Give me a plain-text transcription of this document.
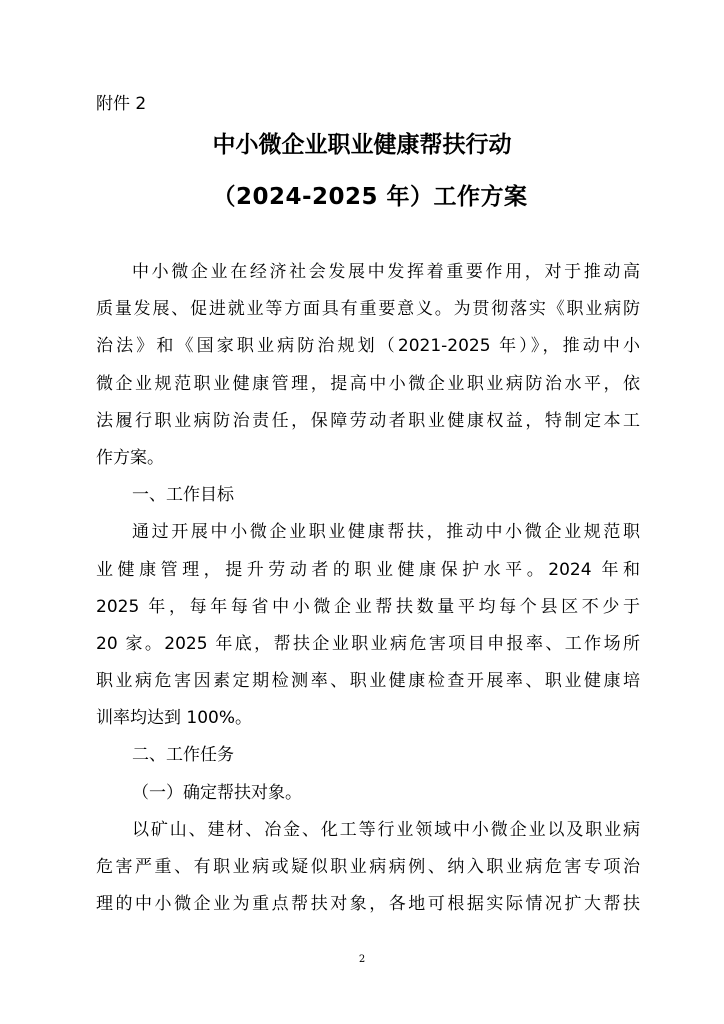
附件 2
中小微企业职业健康帮扶行动
（2024-2025 年）工作方案
中小微企业在经济社会发展中发挥着重要作用，对于推动高
质量发展、促进就业等方面具有重要意义。为贯彻落实《职业病防
治法》和《国家职业病防治规划（2021-2025 年）》，推动中小
微企业规范职业健康管理，提高中小微企业职业病防治水平，依
法履行职业病防治责任，保障劳动者职业健康权益，特制定本工
作方案。
一、工作目标
通过开展中小微企业职业健康帮扶，推动中小微企业规范职
业健康管理，提升劳动者的职业健康保护水平。2024 年和
2025 年，每年每省中小微企业帮扶数量平均每个县区不少于
20 家。2025 年底，帮扶企业职业病危害项目申报率、工作场所
职业病危害因素定期检测率、职业健康检查开展率、职业健康培
训率均达到 100%。
二、工作任务
（一）确定帮扶对象。
以矿山、建材、冶金、化工等行业领域中小微企业以及职业病
危害严重、有职业病或疑似职业病病例、纳入职业病危害专项治
理的中小微企业为重点帮扶对象，各地可根据实际情况扩大帮扶
2
